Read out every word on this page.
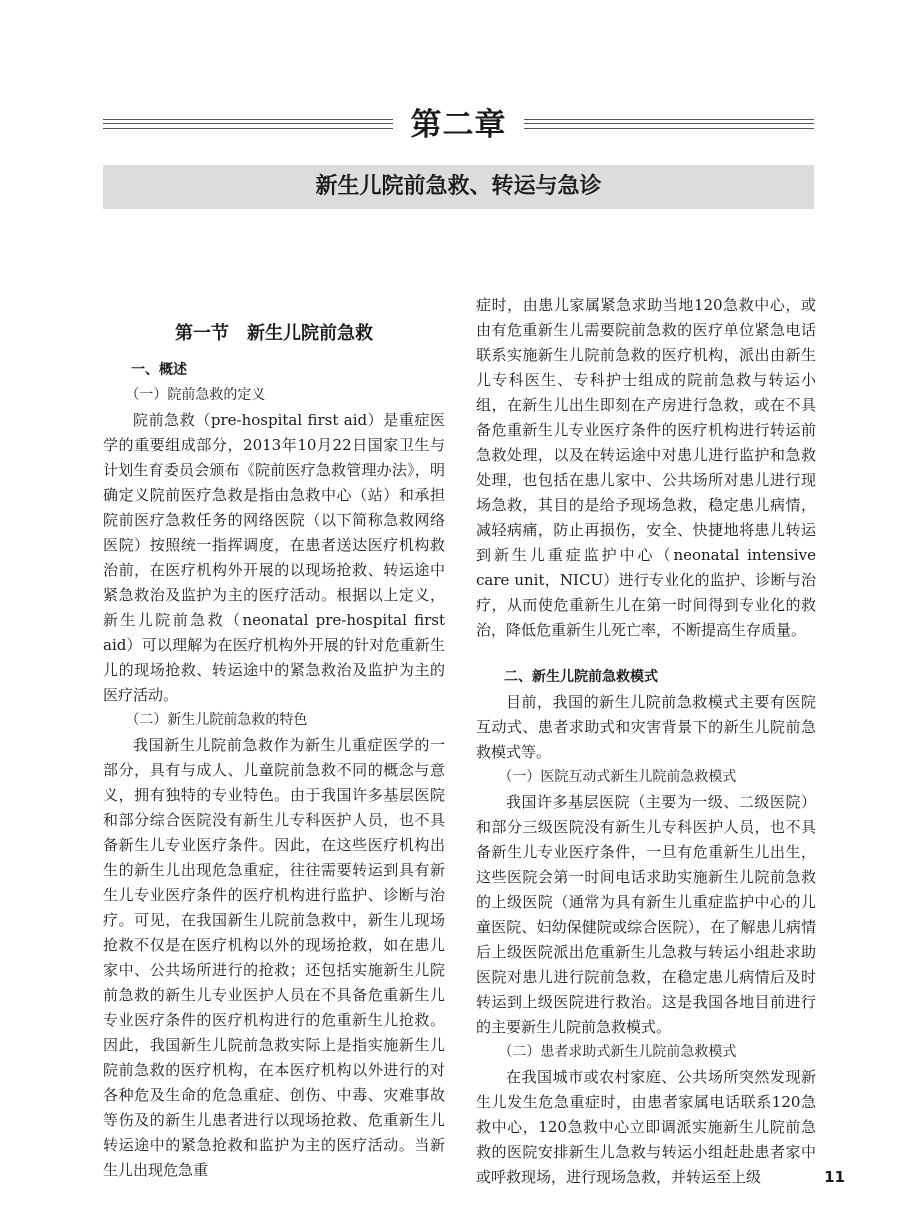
第二章
新生儿院前急救、转运与急诊
第一节　新生儿院前急救
一、概述
（一）院前急救的定义

院前急救（pre-hospital first aid）是重症医学的重要组成部分，2013年10月22日国家卫生与计划生育委员会颁布《院前医疗急救管理办法》，明确定义院前医疗急救是指由急救中心（站）和承担院前医疗急救任务的网络医院（以下简称急救网络医院）按照统一指挥调度，在患者送达医疗机构救治前，在医疗机构外开展的以现场抢救、转运途中紧急救治及监护为主的医疗活动。根据以上定义，新生儿院前急救（neonatal pre-hospital first aid）可以理解为在医疗机构外开展的针对危重新生儿的现场抢救、转运途中的紧急救治及监护为主的医疗活动。

（二）新生儿院前急救的特色

我国新生儿院前急救作为新生儿重症医学的一部分，具有与成人、儿童院前急救不同的概念与意义，拥有独特的专业特色。由于我国许多基层医院和部分综合医院没有新生儿专科医护人员，也不具备新生儿专业医疗条件。因此，在这些医疗机构出生的新生儿出现危急重症，往往需要转运到具有新生儿专业医疗条件的医疗机构进行监护、诊断与治疗。可见，在我国新生儿院前急救中，新生儿现场抢救不仅是在医疗机构以外的现场抢救，如在患儿家中、公共场所进行的抢救；还包括实施新生儿院前急救的新生儿专业医护人员在不具备危重新生儿专业医疗条件的医疗机构进行的危重新生儿抢救。因此，我国新生儿院前急救实际上是指实施新生儿院前急救的医疗机构，在本医疗机构以外进行的对各种危及生命的危急重症、创伤、中毒、灾难事故等伤及的新生儿患者进行以现场抢救、危重新生儿转运途中的紧急抢救和监护为主的医疗活动。当新生儿出现危急重

症时，由患儿家属紧急求助当地120急救中心，或由有危重新生儿需要院前急救的医疗单位紧急电话联系实施新生儿院前急救的医疗机构，派出由新生儿专科医生、专科护士组成的院前急救与转运小组，在新生儿出生即刻在产房进行急救，或在不具备危重新生儿专业医疗条件的医疗机构进行转运前急救处理，以及在转运途中对患儿进行监护和急救处理，也包括在患儿家中、公共场所对患儿进行现场急救，其目的是给予现场急救，稳定患儿病情，减轻病痛，防止再损伤，安全、快捷地将患儿转运到新生儿重症监护中心（neonatal intensive care unit，NICU）进行专业化的监护、诊断与治疗，从而使危重新生儿在第一时间得到专业化的救治，降低危重新生儿死亡率，不断提高生存质量。

二、新生儿院前急救模式

目前，我国的新生儿院前急救模式主要有医院互动式、患者求助式和灾害背景下的新生儿院前急救模式等。

（一）医院互动式新生儿院前急救模式

我国许多基层医院（主要为一级、二级医院）和部分三级医院没有新生儿专科医护人员，也不具备新生儿专业医疗条件，一旦有危重新生儿出生，这些医院会第一时间电话求助实施新生儿院前急救的上级医院（通常为具有新生儿重症监护中心的儿童医院、妇幼保健院或综合医院），在了解患儿病情后上级医院派出危重新生儿急救与转运小组赴求助医院对患儿进行院前急救，在稳定患儿病情后及时转运到上级医院进行救治。这是我国各地目前进行的主要新生儿院前急救模式。

（二）患者求助式新生儿院前急救模式

在我国城市或农村家庭、公共场所突然发现新生儿发生危急重症时，由患者家属电话联系120急救中心，120急救中心立即调派实施新生儿院前急救的医院安排新生儿急救与转运小组赶赴患者家中或呼救现场，进行现场急救，并转运至上级	11
